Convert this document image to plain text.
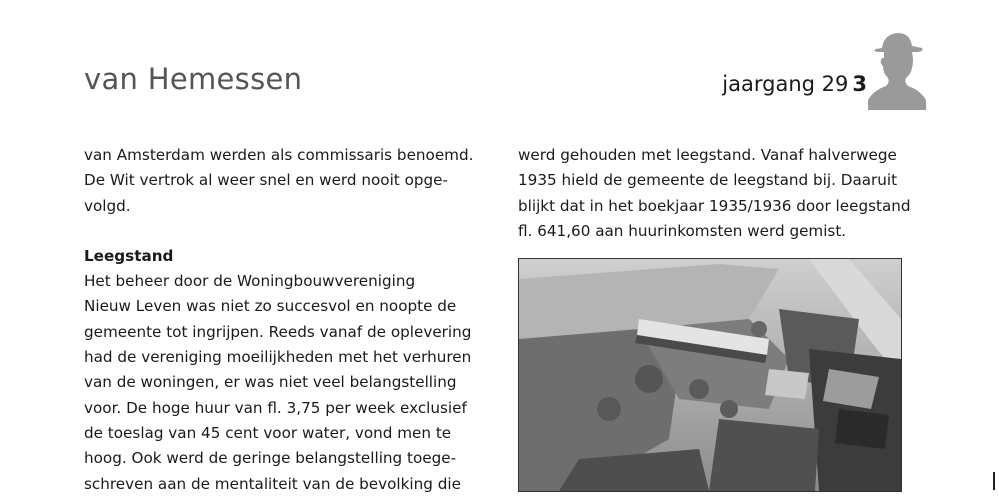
van Hemessen	jaargang 29 3

van Amsterdam werden als commissaris benoemd.
De Wit vertrok al weer snel en werd nooit opge-
volgd.

Leegstand

Het beheer door de Woningbouwvereniging
Nieuw Leven was niet zo succesvol en noopte de
gemeente tot ingrijpen. Reeds vanaf de oplevering
had de vereniging moeilijkheden met het verhuren
van de woningen, er was niet veel belangstelling
voor. De hoge huur van fl. 3,75 per week exclusief
de toeslag van 45 cent voor water, vond men te
hoog. Ook werd de geringe belangstelling toege-
schreven aan de mentaliteit van de bevolking die

werd gehouden met leegstand. Vanaf halverwege
1935 hield de gemeente de leegstand bij. Daaruit
blijkt dat in het boekjaar 1935/1936 door leegstand
fl. 641,60 aan huurinkomsten werd gemist.
